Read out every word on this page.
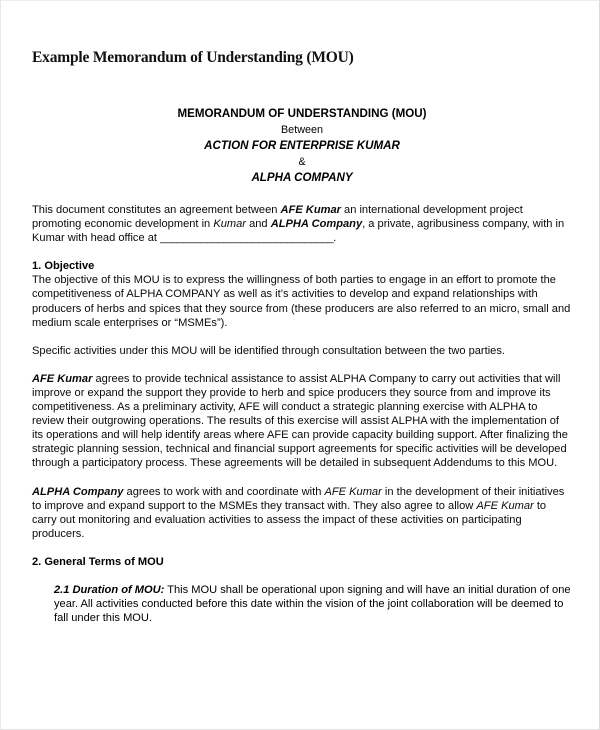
Example Memorandum of Understanding (MOU)
MEMORANDUM OF UNDERSTANDING (MOU)
Between
ACTION FOR ENTERPRISE KUMAR
&
ALPHA COMPANY

This document constitutes an agreement between AFE Kumar an international development project promoting economic development in Kumar and ALPHA Company, a private, agribusiness company, with in Kumar with head office at ______________________________.

1. Objective

The objective of this MOU is to express the willingness of both parties to engage in an effort to promote the competitiveness of ALPHA COMPANY as well as it’s activities to develop and expand relationships with producers of herbs and spices that they source from (these producers are also referred to an micro, small and medium scale enterprises or “MSMEs”).

Specific activities under this MOU will be identified through consultation between the two parties.

AFE Kumar agrees to provide technical assistance to assist ALPHA Company to carry out activities that will improve or expand the support they provide to herb and spice producers they source from and improve its competitiveness. As a preliminary activity, AFE will conduct a strategic planning exercise with ALPHA to review their outgrowing operations. The results of this exercise will assist ALPHA with the implementation of its operations and will help identify areas where AFE can provide capacity building support. After finalizing the strategic planning session, technical and financial support agreements for specific activities will be developed through a participatory process. These agreements will be detailed in subsequent Addendums to this MOU.

ALPHA Company agrees to work with and coordinate with AFE Kumar in the development of their initiatives to improve and expand support to the MSMEs they transact with. They also agree to allow AFE Kumar to carry out monitoring and evaluation activities to assess the impact of these activities on participating producers.

2. General Terms of MOU

2.1 Duration of MOU: This MOU shall be operational upon signing and will have an initial duration of one year. All activities conducted before this date within the vision of the joint collaboration will be deemed to fall under this MOU.
